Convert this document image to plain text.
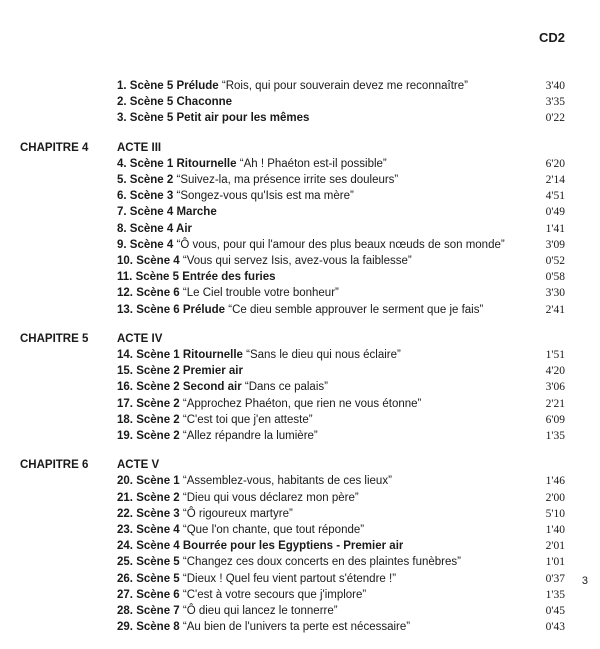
CD2
1. Scène 5 Prélude “Rois, qui pour souverain devez me reconnaître”	3'40
2. Scène 5 Chaconne	3'35
3. Scène 5 Petit air pour les mêmes	0'22
CHAPITRE 4 ACTE III
4. Scène 1 Ritournelle “Ah ! Phaéton est-il possible”	6'20
5. Scène 2 “Suivez-la, ma présence irrite ses douleurs”	2'14
6. Scène 3 “Songez-vous qu'Isis est ma mère”	4'51
7. Scène 4 Marche	0'49
8. Scène 4 Air	1'41
9. Scène 4 “Ô vous, pour qui l'amour des plus beaux nœuds de son monde”	3'09
10. Scène 4 “Vous qui servez Isis, avez-vous la faiblesse”	0'52
11. Scène 5 Entrée des furies	0'58
12. Scène 6 “Le Ciel trouble votre bonheur”	3'30
13. Scène 6 Prélude “Ce dieu semble approuver le serment que je fais”	2'41
CHAPITRE 5 ACTE IV
14. Scène 1 Ritournelle “Sans le dieu qui nous éclaire”	1'51
15. Scène 2 Premier air	4'20
16. Scène 2 Second air “Dans ce palais”	3'06
17. Scène 2 “Approchez Phaéton, que rien ne vous étonne”	2'21
18. Scène 2 “C'est toi que j'en atteste”	6'09
19. Scène 2 “Allez répandre la lumière”	1'35
CHAPITRE 6 ACTE V
20. Scène 1 “Assemblez-vous, habitants de ces lieux”	1'46
21. Scène 2 “Dieu qui vous déclarez mon père”	2'00
22. Scène 3 “Ô rigoureux martyre”	5'10
23. Scène 4 “Que l'on chante, que tout réponde”	1'40
24. Scène 4 Bourrée pour les Egyptiens - Premier air	2'01
25. Scène 5 “Changez ces doux concerts en des plaintes funèbres”	1'01
26. Scène 5 “Dieux ! Quel feu vient partout s'étendre !”	0'37
27. Scène 6 “C'est à votre secours que j'implore”	1'35
28. Scène 7 “Ô dieu qui lancez le tonnerre”	0'45
29. Scène 8 “Au bien de l'univers ta perte est nécessaire”	0'43
3
